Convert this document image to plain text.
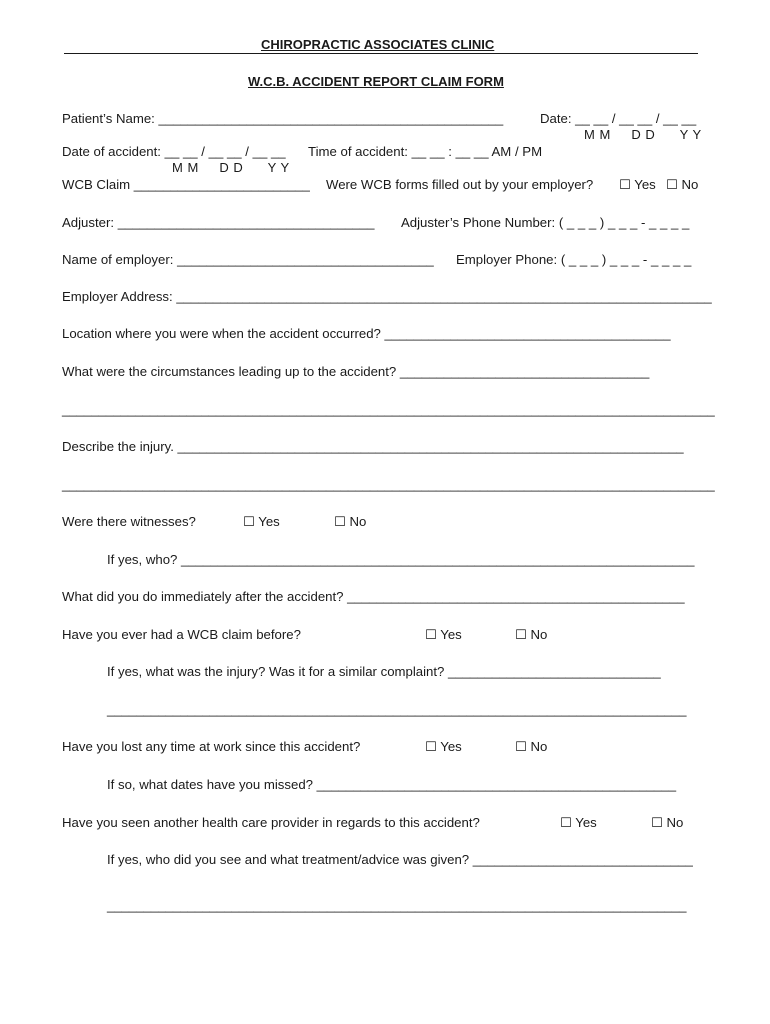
CHIROPRACTIC ASSOCIATES CLINIC
W.C.B. ACCIDENT REPORT CLAIM FORM
Patient’s Name: _______________________________________________	Date: __ __ / __ __ / __ __
M M     D D      Y Y
Date of accident: __ __ / __ __ / __ __
M M     D D      Y Y
Time of accident: __ __ : __ __ AM / PM
WCB Claim ________________________ Were WCB forms filled out by your employer? ☐ Yes ☐ No
Adjuster: ___________________________________ Adjuster’s Phone Number: ( _ _ _ ) _ _ _ - _ _ _ _
Name of employer: ___________________________________ Employer Phone: ( _ _ _ ) _ _ _ - _ _ _ _
Employer Address: _________________________________________________________________________
Location where you were when the accident occurred? _______________________________________
What were the circumstances leading up to the accident? __________________________________
_________________________________________________________________________________________
Describe the injury. _____________________________________________________________________
_________________________________________________________________________________________
Were there witnesses?	☐ Yes	☐ No
If yes, who? ______________________________________________________________________
What did you do immediately after the accident? ______________________________________________
Have you ever had a WCB claim before?	☐ Yes	☐ No
If yes, what was the injury? Was it for a similar complaint? _____________________________
_______________________________________________________________________________
Have you lost any time at work since this accident?	☐ Yes	☐ No
If so, what dates have you missed? _________________________________________________
Have you seen another health care provider in regards to this accident?	☐ Yes	☐ No
If yes, who did you see and what treatment/advice was given? ______________________________
_______________________________________________________________________________
